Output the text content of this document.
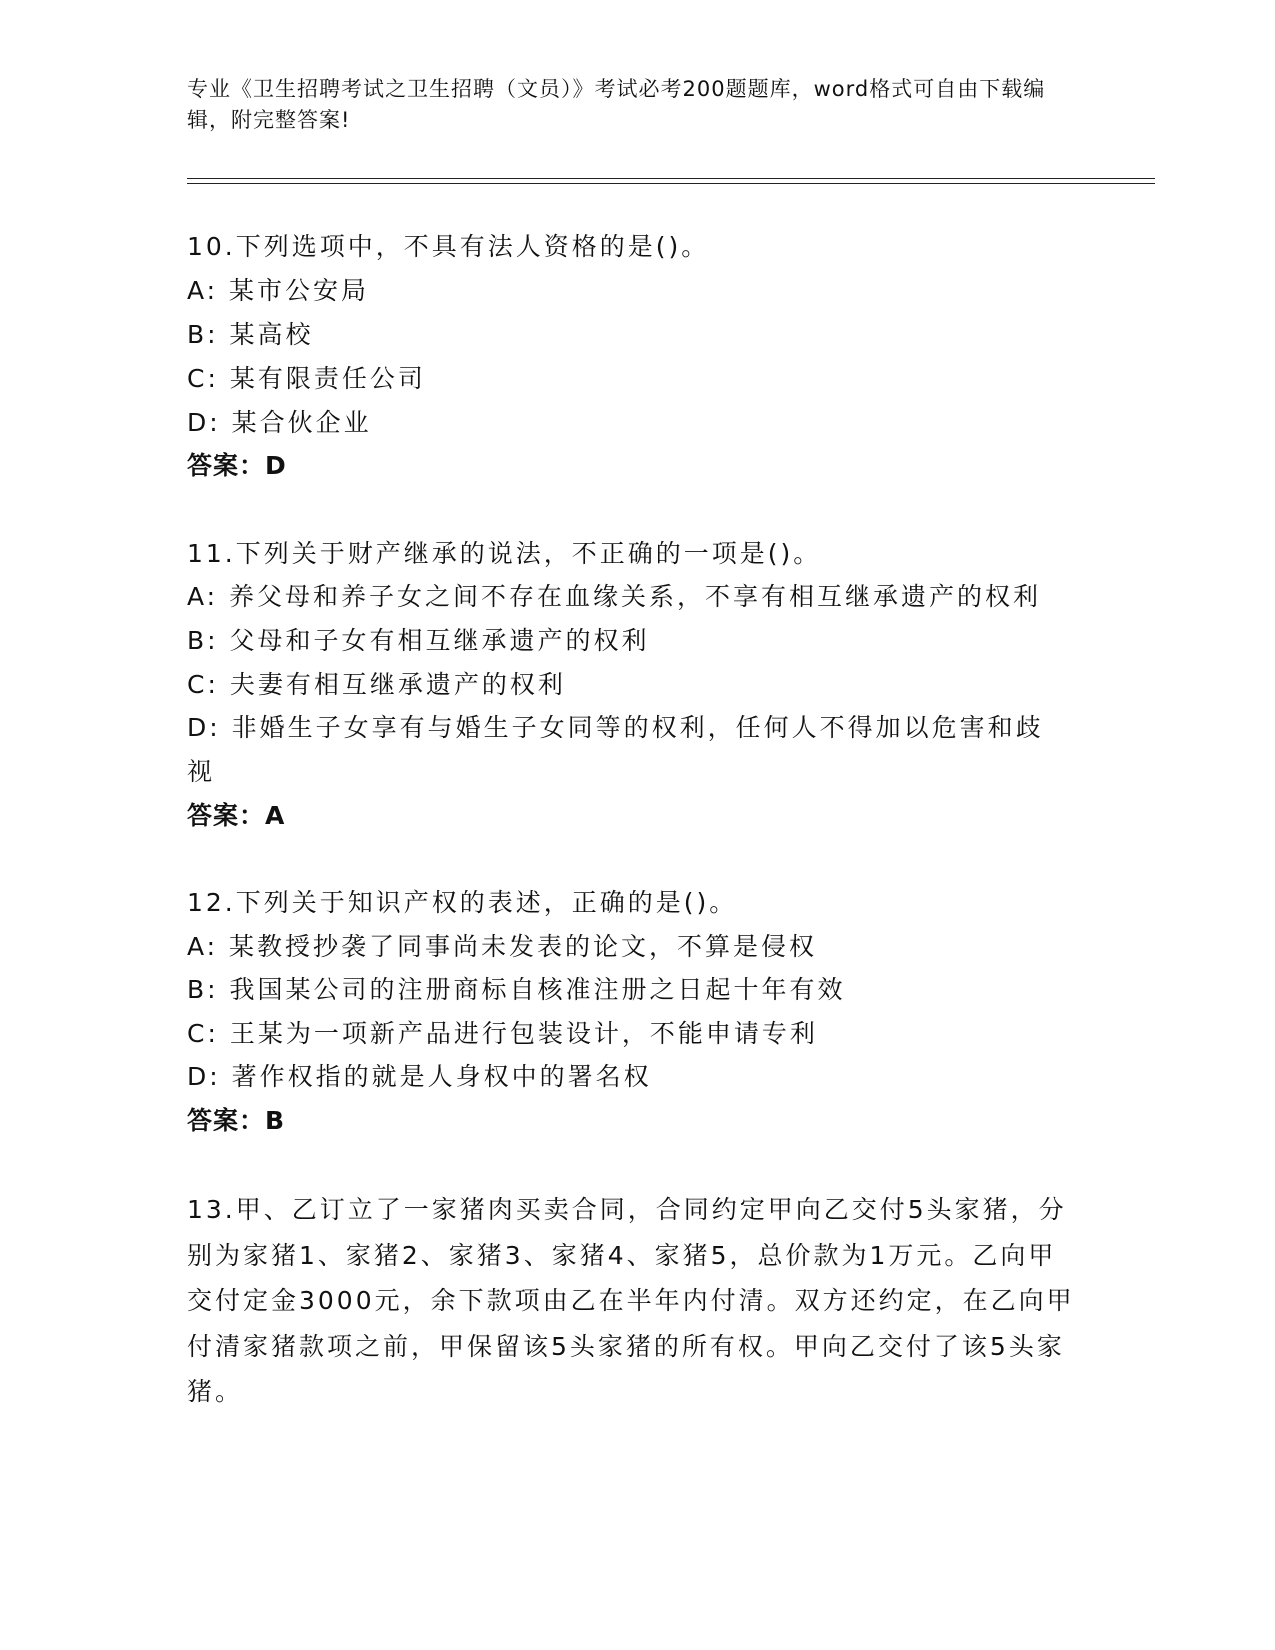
专业《卫生招聘考试之卫生招聘（文员）》考试必考200题题库，word格式可自由下载编辑，附完整答案!
10.下列选项中，不具有法人资格的是()。
A: 某市公安局
B: 某高校
C: 某有限责任公司
D: 某合伙企业
答案：D
11.下列关于财产继承的说法，不正确的一项是()。
A: 养父母和养子女之间不存在血缘关系，不享有相互继承遗产的权利
B: 父母和子女有相互继承遗产的权利
C: 夫妻有相互继承遗产的权利
D: 非婚生子女享有与婚生子女同等的权利，任何人不得加以危害和歧
视
答案：A
12.下列关于知识产权的表述，正确的是()。
A: 某教授抄袭了同事尚未发表的论文，不算是侵权
B: 我国某公司的注册商标自核准注册之日起十年有效
C: 王某为一项新产品进行包装设计，不能申请专利
D: 著作权指的就是人身权中的署名权
答案：B
13.甲、乙订立了一家猪肉买卖合同，合同约定甲向乙交付5头家猪，分别为家猪1、家猪2、家猪3、家猪4、家猪5，总价款为1万元。乙向甲交付定金3000元，余下款项由乙在半年内付清。双方还约定，在乙向甲付清家猪款项之前，甲保留该5头家猪的所有权。甲向乙交付了该5头家猪。
